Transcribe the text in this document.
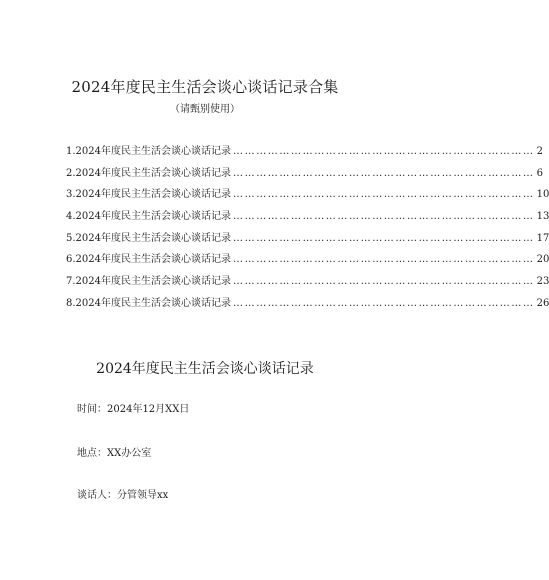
2024年度民主生活会谈心谈话记录合集
（请甄别使用）
1. 2024年度民主生活会谈心谈话记录 …………………………………………………………………… 2
2. 2024年度民主生活会谈心谈话记录 …………………………………………………………………… 6
3. 2024年度民主生活会谈心谈话记录 …………………………………………………………………… 10
4. 2024年度民主生活会谈心谈话记录 …………………………………………………………………… 13
5. 2024年度民主生活会谈心谈话记录 …………………………………………………………………… 17
6. 2024年度民主生活会谈心谈话记录 …………………………………………………………………… 20
7. 2024年度民主生活会谈心谈话记录 …………………………………………………………………… 23
8. 2024年度民主生活会谈心谈话记录 …………………………………………………………………… 26
2024年度民主生活会谈心谈话记录
时间：2024年12月XX日
地点：XX办公室
谈话人：分管领导xx
